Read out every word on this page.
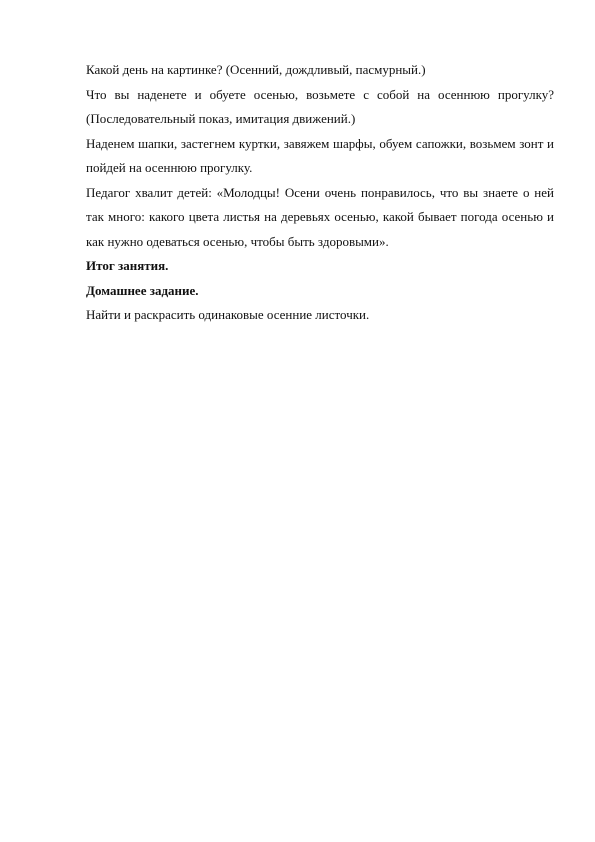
Какой день на картинке? (Осенний, дождливый, пасмурный.)

Что вы наденете и обуете осенью, возьмете с собой на осеннюю прогулку? (Последовательный показ, имитация движений.)

Наденем шапки, застегнем куртки, завяжем шарфы, обуем сапожки, возьмем зонт и пойдей на осеннюю прогулку.

Педагог хвалит детей: «Молодцы! Осени очень понравилось, что вы знаете о ней так много: какого цвета листья на деревьях осенью, какой бывает погода осенью и как нужно одеваться осенью, чтобы быть здоровыми».

Итог занятия.

Домашнее задание.

Найти и раскрасить одинаковые осенние листочки.
